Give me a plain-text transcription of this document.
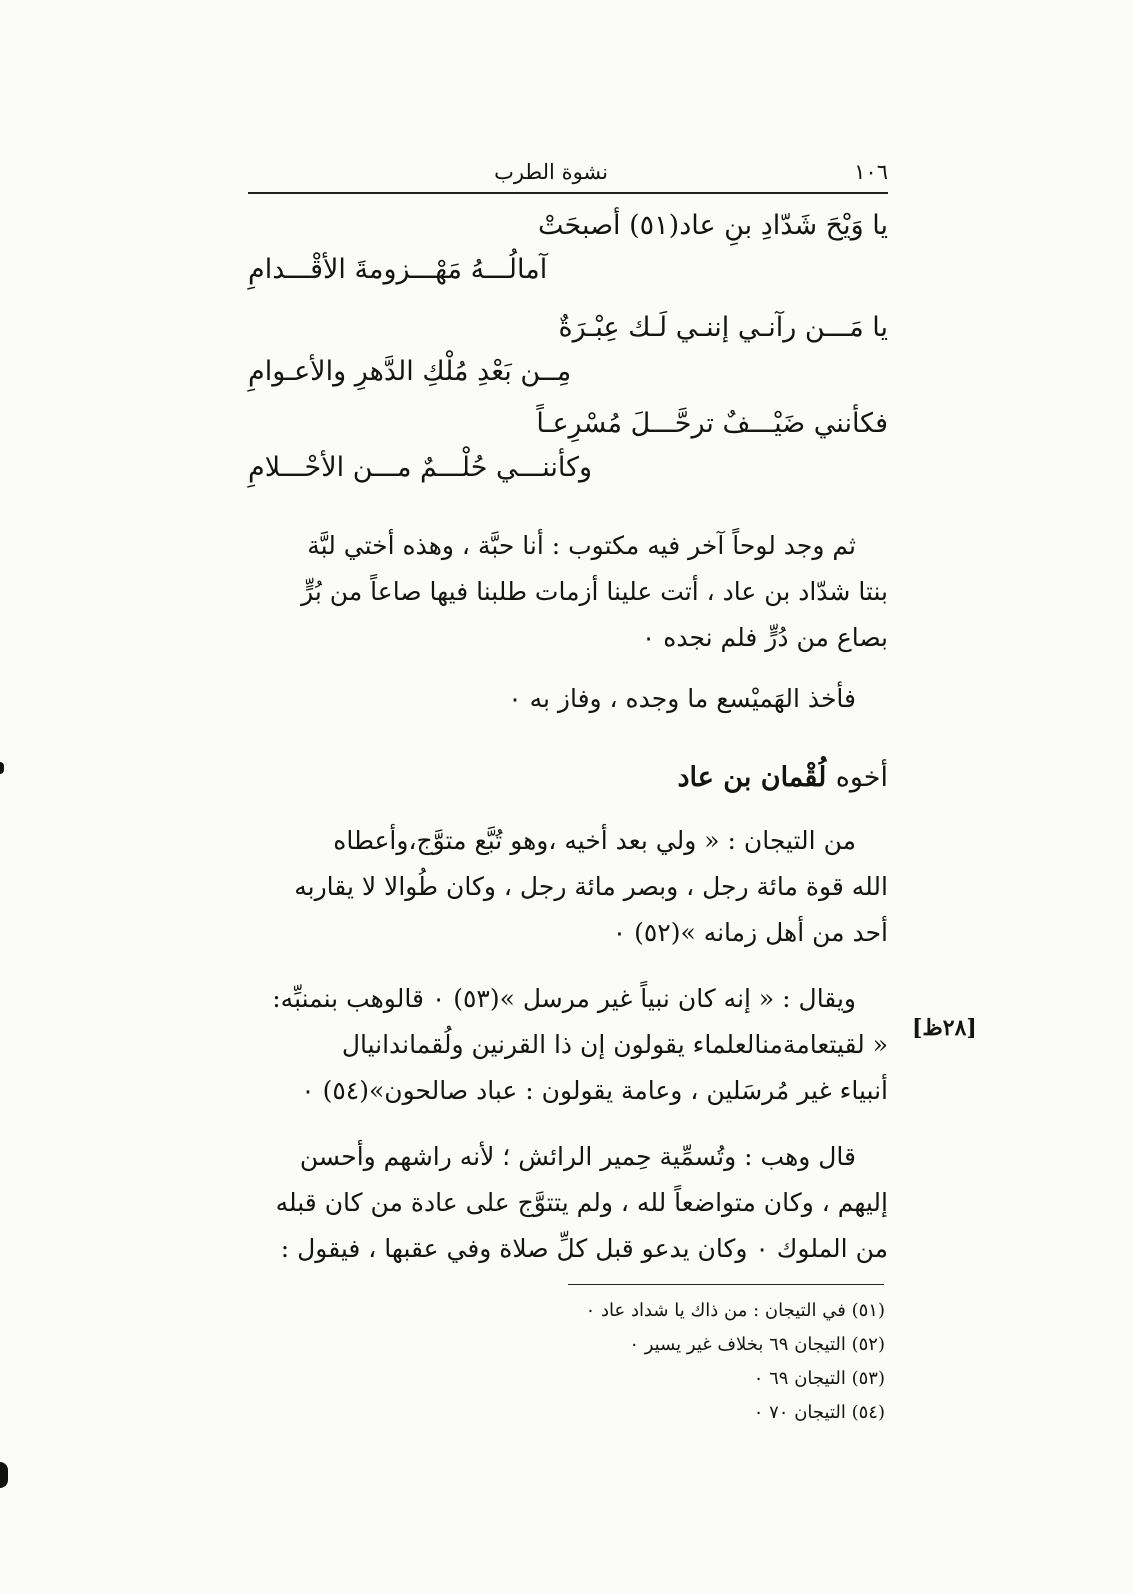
١٠٦
نشوة الطرب
يا وَيْحَ شَدّادِ بنِ عاد(٥١) أصبحَتْ
آمالُـــهُ مَهْـــزومةَ الأقْـــدامِ
يا مَـــن رآنـي إننـي لَـك عِبْـرَةٌ
مِــن بَعْدِ مُلْكِ الدَّهرِ والأعـوامِ
فكأنني ضَيْـــفٌ ترحَّـــلَ مُسْرِعـاً
وكأننـــي حُلْـــمٌ مـــن الأحْـــلامِ
ثم وجد لوحاً آخر فيه مكتوب : أنا حبَّة ، وهذه أختي لبَّة
بنتا شدّاد بن عاد ، أتت علينا أزمات طلبنا فيها صاعاً من بُرٍّ
بصاع من دُرٍّ فلم نجده ٠
فأخذ الهَميْسع ما وجده ، وفاز به ٠
أخوه لُقْمان بن عاد
من التيجان : « ولي بعد أخيه ،وهو تُبَّع متوَّج،وأعطاه
الله قوة مائة رجل ، وبصر مائة رجل ، وكان طُوالا لا يقاربه
أحد من أهل زمانه »(٥٢) ٠
[٢٨ظ]
ويقال : « إنه كان نبياً غير مرسل »(٥٣) ٠ قالوهب بنمنبِّه:
« لقيتعامةمنالعلماء يقولون إن ذا القرنين ولُقماندانيال
أنبياء غير مُرسَلين ، وعامة يقولون : عباد صالحون»(٥٤) ٠
قال وهب : وتُسمِّية حِمير الرائش ؛ لأنه راشهم وأحسن
إليهم ، وكان متواضعاً لله ، ولم يتتوَّج على عادة من كان قبله
من الملوك ٠ وكان يدعو قبل كلِّ صلاة وفي عقبها ، فيقول :
(٥١) في التيجان : من ذاك يا شداد عاد ٠
(٥٢) التيجان ٦٩ بخلاف غير يسير ٠
(٥٣) التيجان ٦٩ ٠
(٥٤) التيجان ٧٠ ٠
